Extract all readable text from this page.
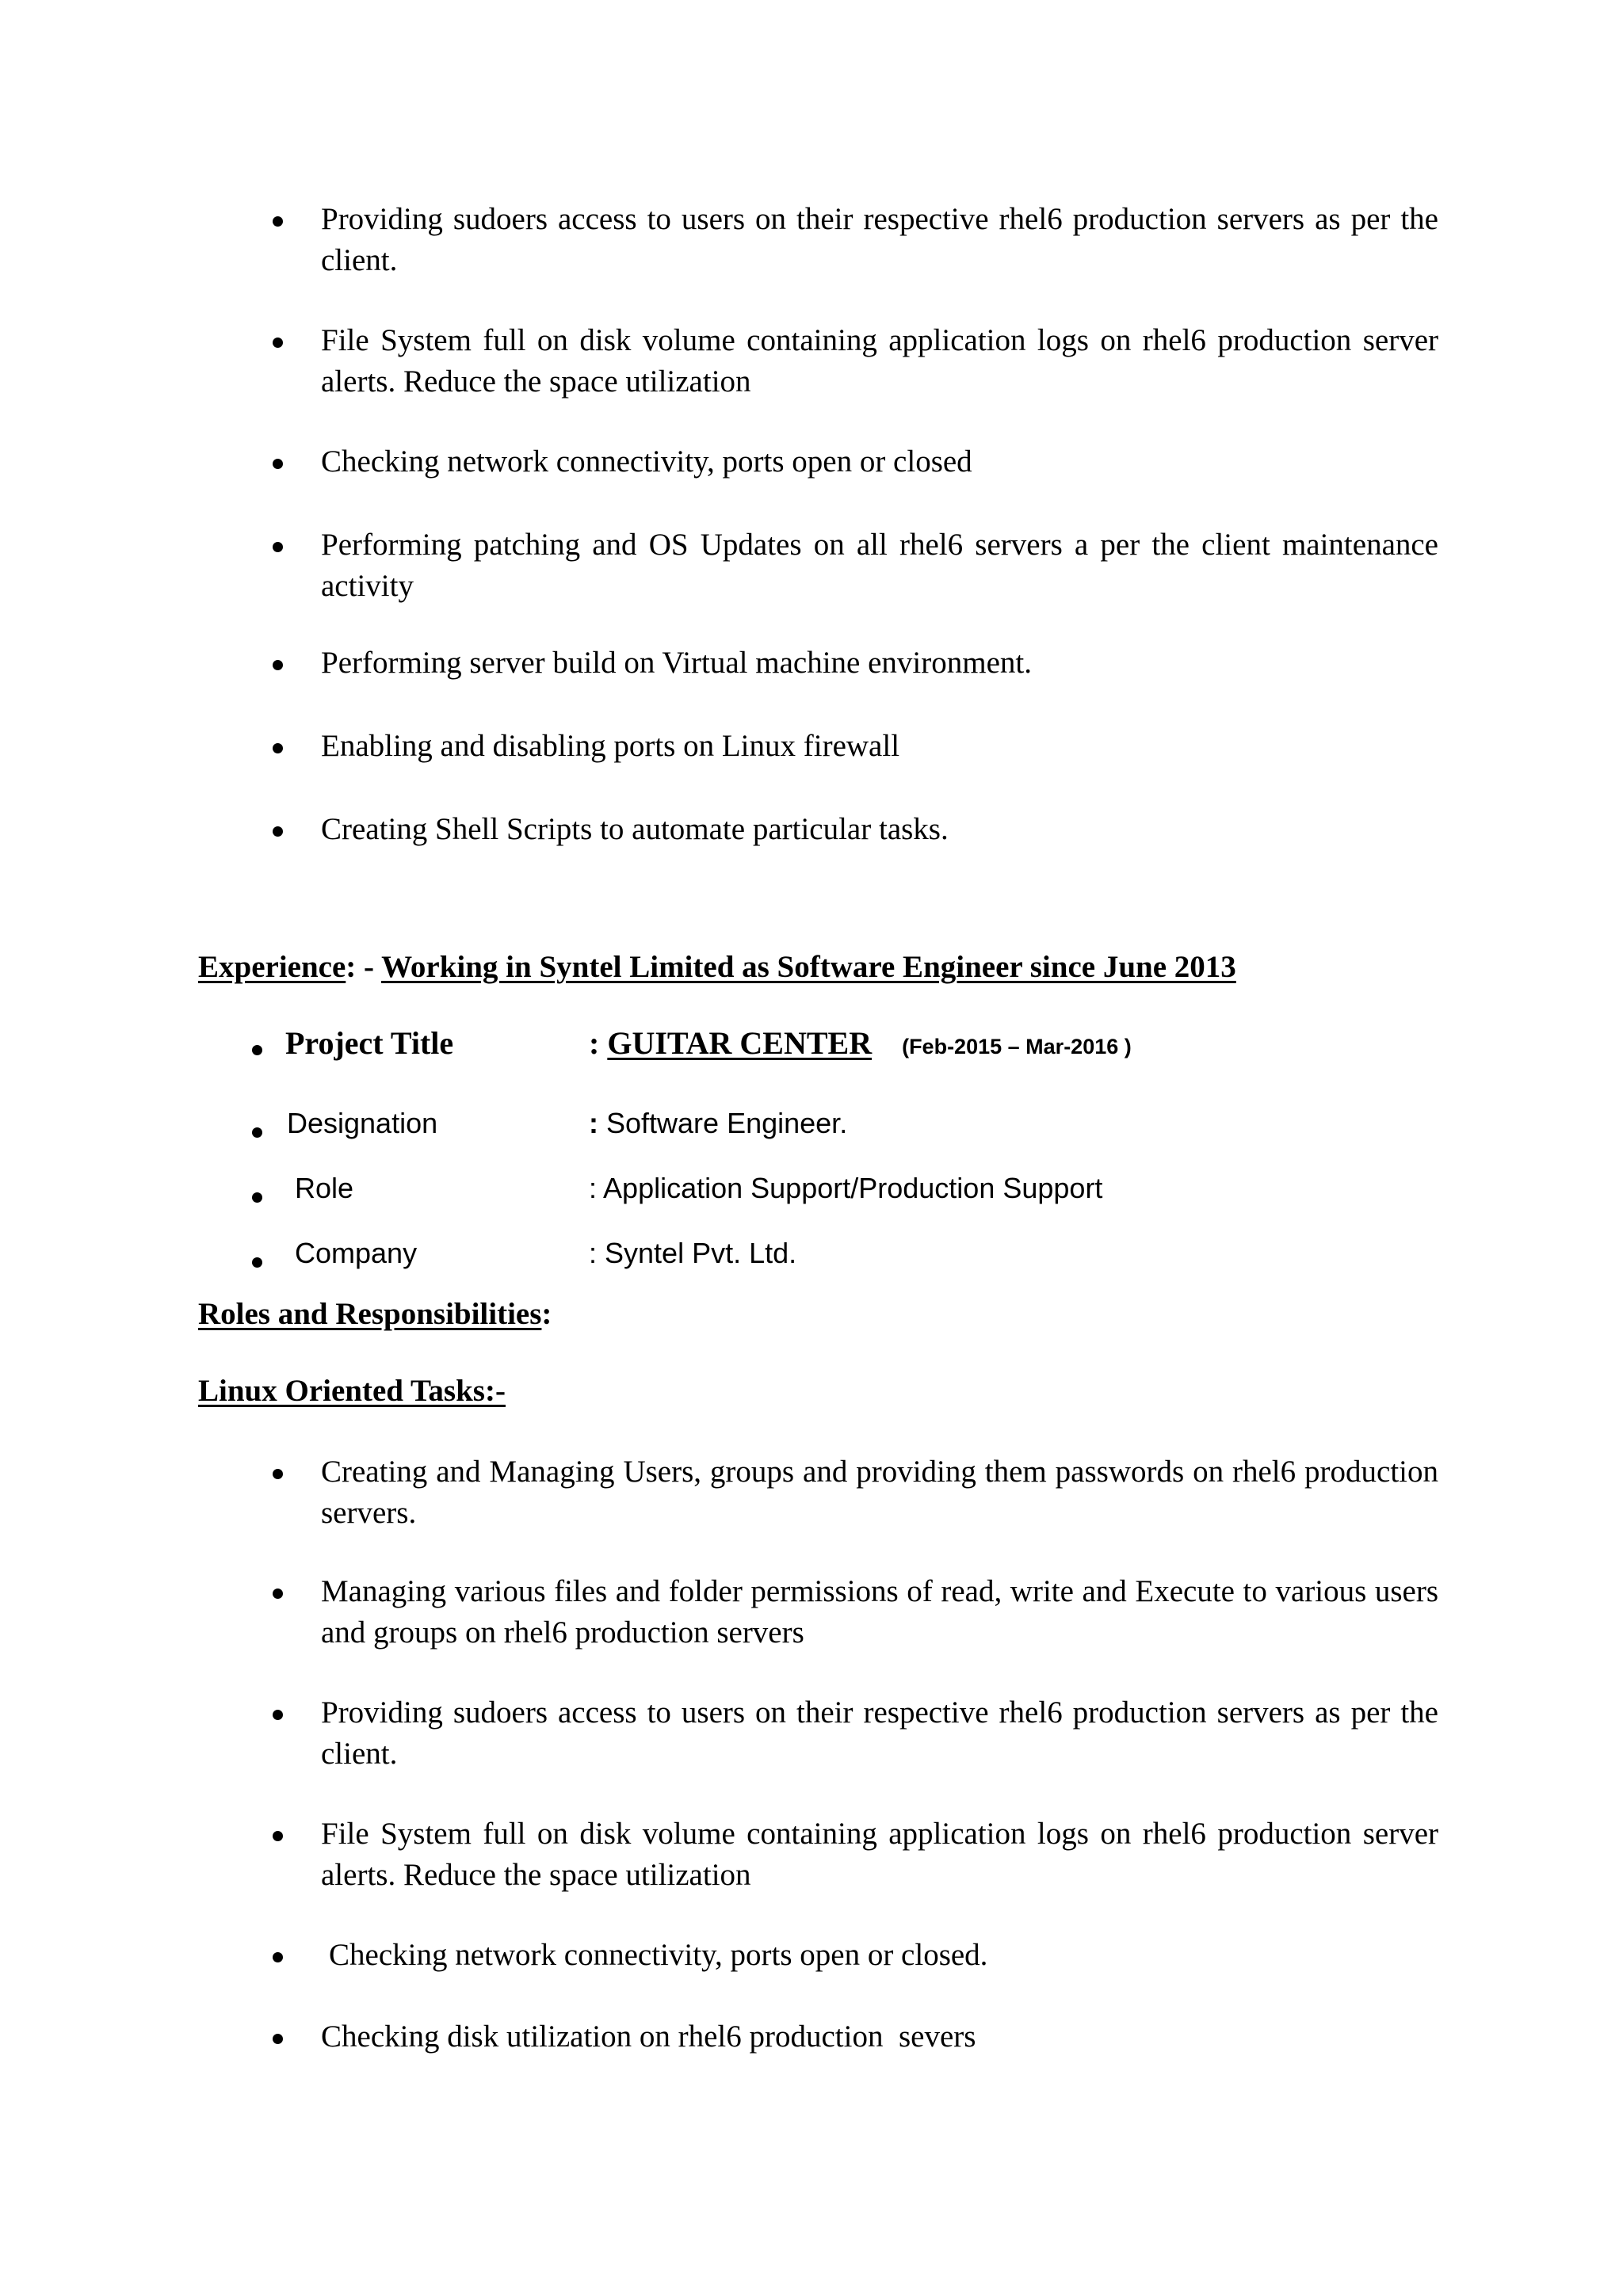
Providing sudoers access to users on their respective rhel6 production servers as per the client.
File System full on disk volume containing application logs on rhel6 production server alerts. Reduce the space utilization
Checking network connectivity, ports open or closed
Performing patching and OS Updates on all rhel6 servers a per the client maintenance activity
Performing server build on Virtual machine environment.
Enabling and disabling ports on Linux firewall
Creating Shell Scripts to automate particular tasks.
Experience: - Working in Syntel Limited as Software Engineer since June 2013
Project Title	: GUITAR CENTER (Feb-2015 – Mar-2016 )
Designation	: Software Engineer.
Role	: Application Support/Production Support
Company	: Syntel Pvt. Ltd.
Roles and Responsibilities:
Linux Oriented Tasks:-
Creating and Managing Users, groups and providing them passwords on rhel6 production servers.
Managing various files and folder permissions of read, write and Execute to various users and groups on rhel6 production servers
Providing sudoers access to users on their respective rhel6 production servers as per the client.
File System full on disk volume containing application logs on rhel6 production server alerts. Reduce the space utilization
Checking network connectivity, ports open or closed.
Checking disk utilization on rhel6 production  severs
